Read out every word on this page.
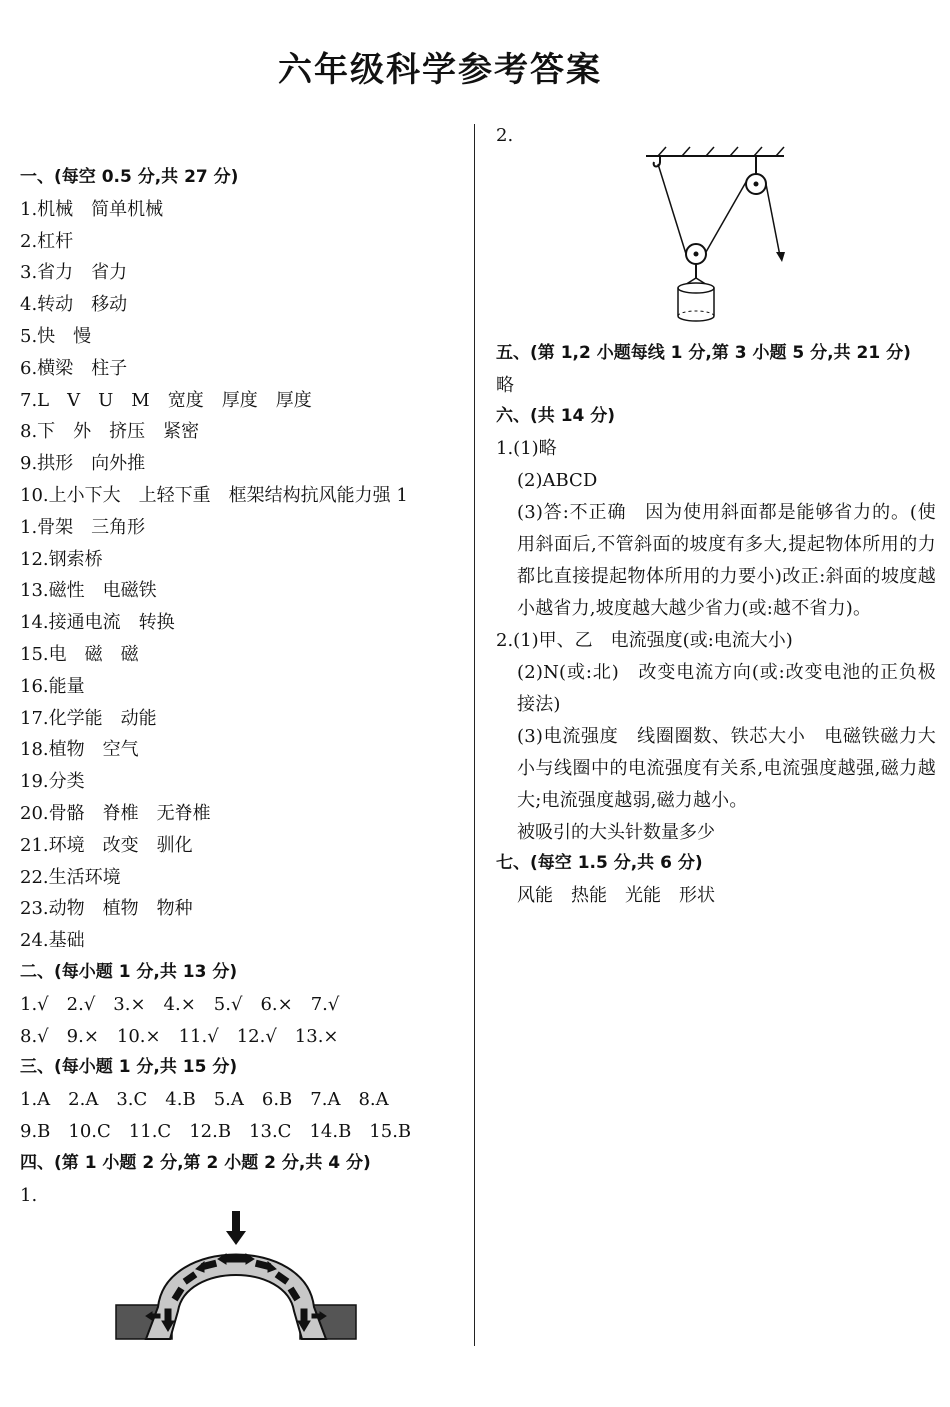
六年级科学参考答案
一、(每空 0.5 分,共 27 分)
1.机械　简单机械
2.杠杆
3.省力　省力
4.转动　移动
5.快　慢
6.横梁　柱子
7.L　V　U　M　宽度　厚度　厚度
8.下　外　挤压　紧密
9.拱形　向外推
10.上小下大　上轻下重　框架结构抗风能力强 1
1.骨架　三角形
12.钢索桥
13.磁性　电磁铁
14.接通电流　转换
15.电　磁　磁
16.能量
17.化学能　动能
18.植物　空气
19.分类
20.骨骼　脊椎　无脊椎
21.环境　改变　驯化
22.生活环境
23.动物　植物　物种
24.基础
二、(每小题 1 分,共 13 分)
1.√　2.√　3.×　4.×　5.√　6.×　7.√
8.√　9.×　10.×　11.√　12.√　13.×
三、(每小题 1 分,共 15 分)
1.A　2.A　3.C　4.B　5.A　6.B　7.A　8.A
9.B　10.C　11.C　12.B　13.C　14.B　15.B
四、(第 1 小题 2 分,第 2 小题 2 分,共 4 分)
1.
2.
五、(第 1,2 小题每线 1 分,第 3 小题 5 分,共 21 分)
略
六、(共 14 分)
1.(1)略
(2)ABCD
(3)答:不正确　因为使用斜面都是能够省力的。(使用斜面后,不管斜面的坡度有多大,提起物体所用的力都比直接提起物体所用的力要小)改正:斜面的坡度越小越省力,坡度越大越少省力(或:越不省力)。
2.(1)甲、乙　电流强度(或:电流大小)
(2)N(或:北)　改变电流方向(或:改变电池的正负极接法)
(3)电流强度　线圈圈数、铁芯大小　电磁铁磁力大小与线圈中的电流强度有关系,电流强度越强,磁力越大;电流强度越弱,磁力越小。
被吸引的大头针数量多少
七、(每空 1.5 分,共 6 分)
风能　热能　光能　形状
